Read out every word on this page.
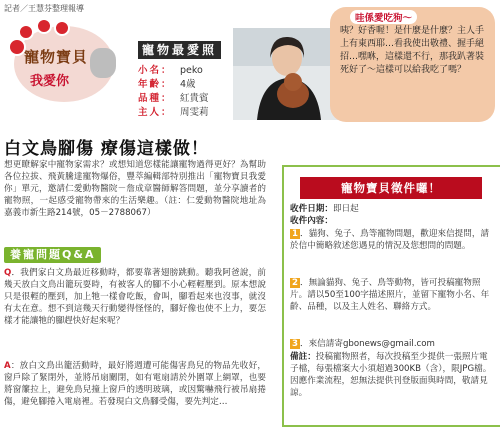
記者／王慧芬整理報導
寵物寶貝
我愛你
寵物最愛照
小名： peko
年齡： 4歲
品種： 紅貴賓
主人： 周雯莉
哇係愛吃狗～
咦？好香喔！是什麼是什麼？主人手上有東西耶…看我使出敬禮、握手絕招…嘿咻，這樣還不行，那我趴著裝死好了～這樣可以給我吃了嗎？
白文鳥腳傷 療傷這樣做！
想更瞭解家中寵物家需求？或想知道您樣能讓寵物過得更好？為幫助各位拉拔、飛黃騰達寵物爆俗，豐萃編輯部特別推出「寵物寶貝我愛你」單元，邀請仁愛動物醫院－詹成章醫師解答問題，並分享讀者的寵物照，一起感受寵物帶來的生活樂趣。（註：仁愛動物醫院地址為嘉義市新生路214號，05－2788067）
養寵問題Q&A
Q．我們家白文鳥最近移動時，都要靠著翅膀跳動。聽我阿爸說，前幾天放白文鳥出籠玩耍時，有被客人的腳不小心輕輕壓到。原本想說只是很輕的壓到，加上牠一樣會吃飯，會叫，腳看起來也沒事，就沒有太在意。想不到這幾天行動變得怪怪的，腳好像也使不上力，要怎樣才能讓牠的腳趕快好起來呢？
A：放白文鳥出籠活動時，最好將週遭可能傷害鳥兒的物品先收好，窗戶除了緊閉外，並將吊扇關閉，如有電扇請於外圍罩上網罩，也要將窗簾拉上，避免鳥兒撞上窗戶的透明玻璃，或因驚嚇飛行被吊扇捲傷，避免腳捲入電扇裡。若發現白文鳥腳受傷，要先判定…
寵物寶貝徵件囉！
收件日期：即日起
收件內容：
1 ．貓狗、兔子、鳥等寵物問題，歡迎來信提問，請於信中簡略敘述您遇見的情況及您想問的問題。
2 ．無論貓狗、兔子、鳥等動物，皆可投稿寵物照片。請以50至100字描述照片，並留下寵物小名、年齡、品種，以及主人姓名、聯絡方式。
3 ．來信請寄gbonews@gmail.com
備註：投稿寵物照者，每次投稿至少提供一張照片電子檔，每張檔案大小須超過300KB（含），限JPG檔。因應作業流程，恕無法提供刊登版面與時間，敬請見諒。
